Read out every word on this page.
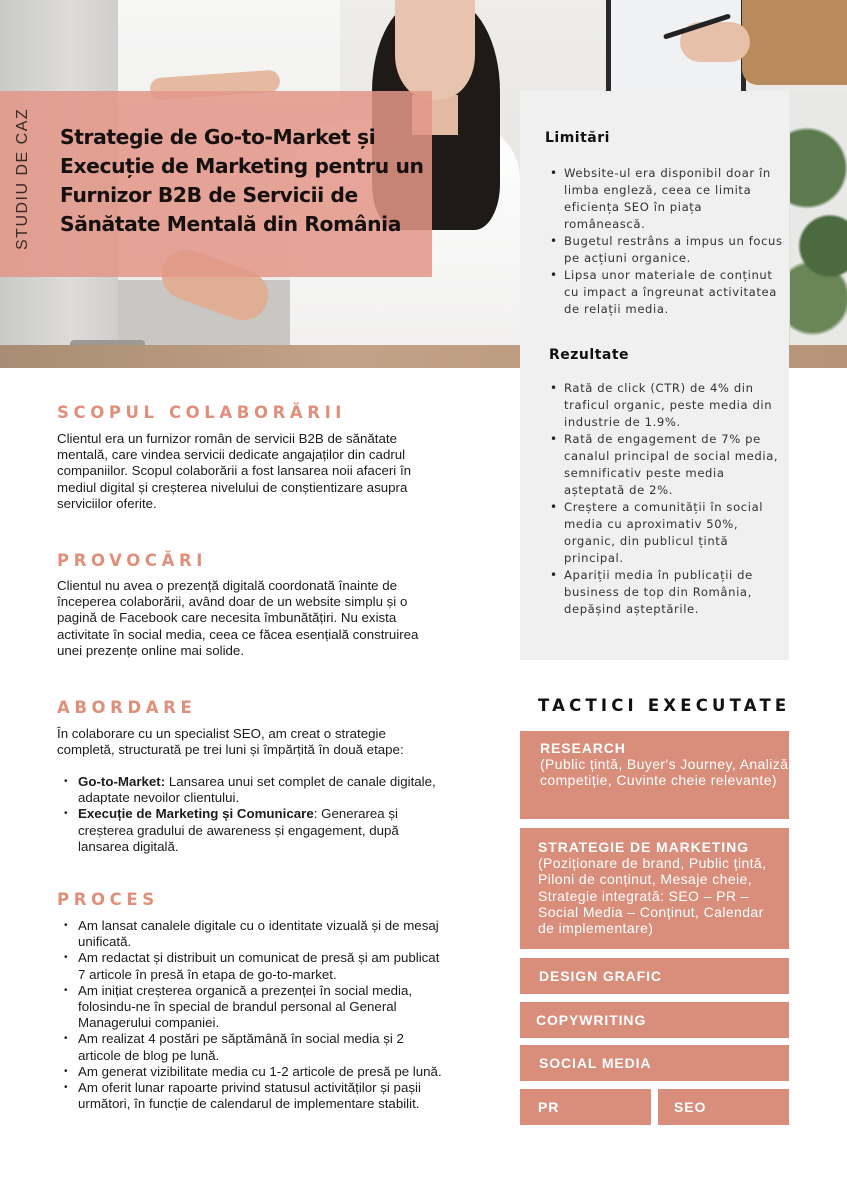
STUDIU DE CAZ Strategie de Go-to-Market și Execuție de Marketing pentru un Furnizor B2B de Servicii de Sănătate Mentală din România
Limitări
• Website-ul era disponibil doar în limba engleză, ceea ce limita eficiența SEO în piața românească.
• Bugetul restrâns a impus un focus pe acțiuni organice.
• Lipsa unor materiale de conținut cu impact a îngreunat activitatea de relații media.
Rezultate
• Rată de click (CTR) de 4% din traficul organic, peste media din industrie de 1.9%.
• Rată de engagement de 7% pe canalul principal de social media, semnificativ peste media așteptată de 2%.
• Creștere a comunității în social media cu aproximativ 50%, organic, din publicul țintă principal.
• Apariții media în publicații de business de top din România, depășind așteptările.
SCOPUL COLABORĂRII

Clientul era un furnizor român de servicii B2B de sănătate mentală, care vindea servicii dedicate angajaților din cadrul companiilor. Scopul colaborării a fost lansarea noii afaceri în mediul digital și creșterea nivelului de conștientizare asupra serviciilor oferite.

PROVOCĂRI

Clientul nu avea o prezență digitală coordonată înainte de începerea colaborării, având doar de un website simplu și o pagină de Facebook care necesita îmbunătățiri. Nu exista activitate în social media, ceea ce făcea esențială construirea unei prezențe online mai solide.

ABORDARE

În colaborare cu un specialist SEO, am creat o strategie completă, structurată pe trei luni și împărțită în două etape:

• Go-to-Market: Lansarea unui set complet de canale digitale, adaptate nevoilor clientului.
• Execuție de Marketing și Comunicare: Generarea și creșterea gradului de awareness și engagement, după lansarea digitală.
PROCES
• Am lansat canalele digitale cu o identitate vizuală și de mesaj unificată.
• Am redactat și distribuit un comunicat de presă și am publicat 7 articole în presă în etapa de go-to-market.
• Am inițiat creșterea organică a prezenței în social media, folosindu-ne în special de brandul personal al General Managerului companiei.
• Am realizat 4 postări pe săptămână în social media și 2 articole de blog pe lună.
• Am generat vizibilitate media cu 1-2 articole de presă pe lună.
• Am oferit lunar rapoarte privind statusul activităților și pașii următori, în funcție de calendarul de implementare stabilit.
TACTICI EXECUTATE
RESEARCH
(Public țintă, Buyer's Journey, Analiză competiție, Cuvinte cheie relevante)
STRATEGIE DE MARKETING
(Poziționare de brand, Public țintă, Piloni de conținut, Mesaje cheie, Strategie integrată: SEO – PR – Social Media – Conținut, Calendar de implementare)
DESIGN GRAFIC
COPYWRITING
SOCIAL MEDIA
PR	SEO
